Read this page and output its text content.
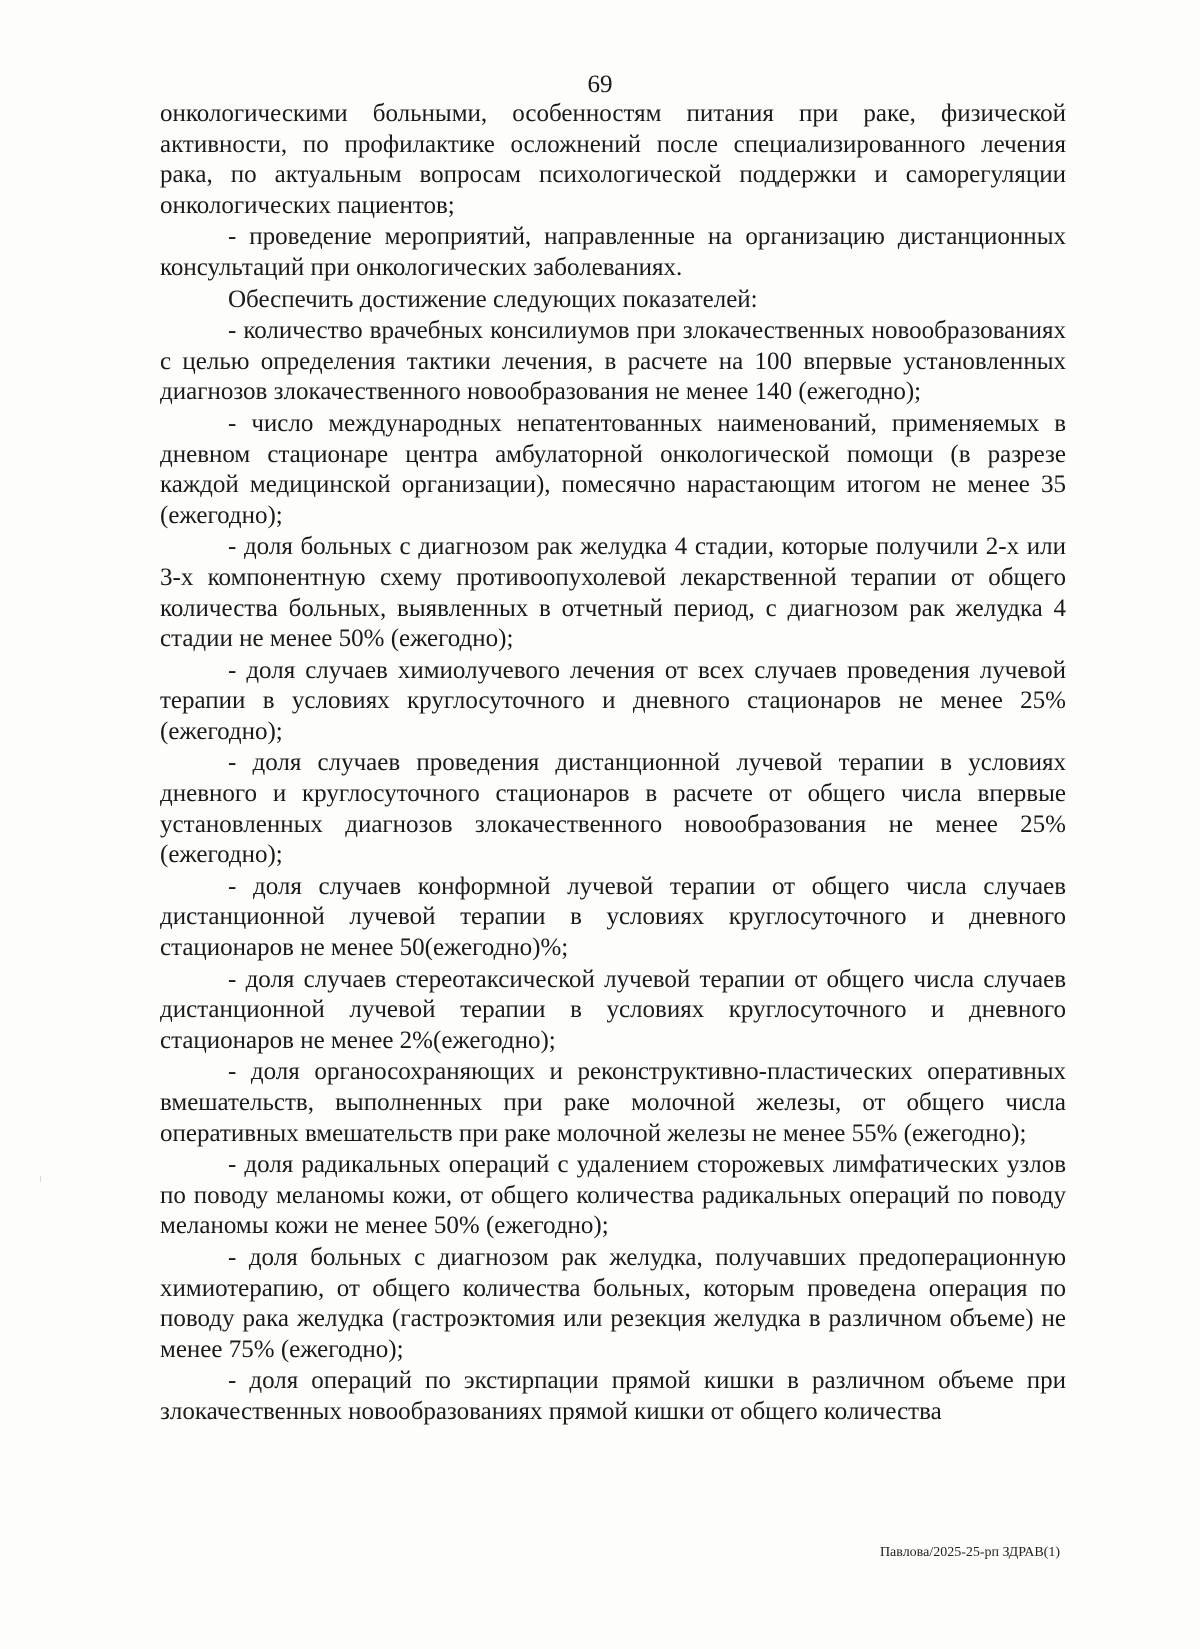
69

онкологическими больными, особенностям питания при раке, физической активности, по профилактике осложнений после специализированного лечения рака, по актуальным вопросам психологической поддержки и саморегуляции онкологических пациентов;

- проведение мероприятий, направленные на организацию дистанционных консультаций при онкологических заболеваниях.

Обеспечить достижение следующих показателей:

- количество врачебных консилиумов при злокачественных новообразованиях с целью определения тактики лечения, в расчете на 100 впервые установленных диагнозов злокачественного новообразования не менее 140 (ежегодно);

- число международных непатентованных наименований, применяемых в дневном стационаре центра амбулаторной онкологической помощи (в разрезе каждой медицинской организации), помесячно нарастающим итогом не менее 35 (ежегодно);

- доля больных с диагнозом рак желудка 4 стадии, которые получили 2-х или 3-х компонентную схему противоопухолевой лекарственной терапии от общего количества больных, выявленных в отчетный период, с диагнозом рак желудка 4 стадии не менее 50% (ежегодно);

- доля случаев химиолучевого лечения от всех случаев проведения лучевой терапии в условиях круглосуточного и дневного стационаров не менее 25%(ежегодно);

- доля случаев проведения дистанционной лучевой терапии в условиях дневного и круглосуточного стационаров в расчете от общего числа впервые установленных диагнозов злокачественного новообразования не менее 25%(ежегодно);

- доля случаев конформной лучевой терапии от общего числа случаев дистанционной лучевой терапии в условиях круглосуточного и дневного стационаров не менее 50(ежегодно)%;

- доля случаев стереотаксической лучевой терапии от общего числа случаев дистанционной лучевой терапии в условиях круглосуточного и дневного стационаров не менее 2%(ежегодно);

- доля органосохраняющих и реконструктивно-пластических оперативных вмешательств, выполненных при раке молочной железы, от общего числа оперативных вмешательств при раке молочной железы не менее 55% (ежегодно);

- доля радикальных операций с удалением сторожевых лимфатических узлов по поводу меланомы кожи, от общего количества радикальных операций по поводу меланомы кожи не менее 50% (ежегодно);

- доля больных с диагнозом рак желудка, получавших предоперационную химиотерапию, от общего количества больных, которым проведена операция по поводу рака желудка (гастроэктомия или резекция желудка в различном объеме) не менее 75% (ежегодно);

- доля операций по экстирпации прямой кишки в различном объеме при злокачественных новообразованиях прямой кишки от общего количества

Павлова/2025-25-рп ЗДРАВ(1)
